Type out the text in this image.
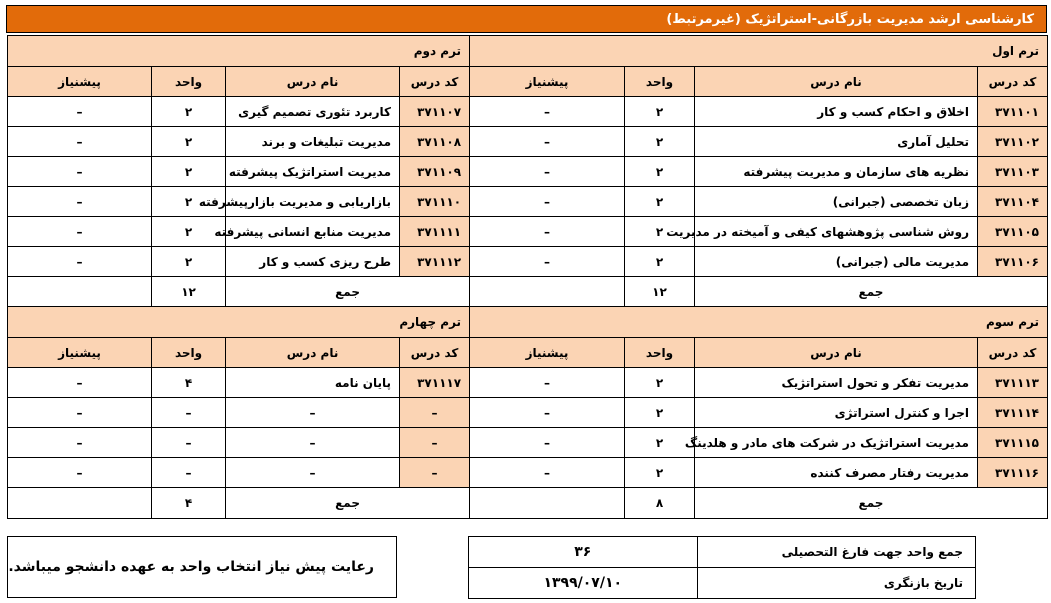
کارشناسی ارشد مدیریت بازرگانی-استراتژیک (غیرمرتبط)
ترم اول			
کد درس	نام درس	واحد	پیشنیاز
۳۷۱۱۰۱	اخلاق و احکام کسب و کار	۲	–
۳۷۱۱۰۲	تحلیل آماری	۲	–
۳۷۱۱۰۳	نظریه های سازمان و مدیریت پیشرفته	۲	–
۳۷۱۱۰۴	زبان تخصصی (جبرانی)	۲	–
۳۷۱۱۰۵	روش شناسی پژوهشهای کیفی و آمیخته در مدیریت	۲	–
۳۷۱۱۰۶	مدیریت مالی (جبرانی)	۲	–
جمع		۱۲	
ترم دوم			
کد درس	نام درس	واحد	پیشنیاز
۳۷۱۱۰۷	کاربرد تئوری تصمیم گیری	۲	–
۳۷۱۱۰۸	مدیریت تبلیغات و برند	۲	–
۳۷۱۱۰۹	مدیریت استراتژیک پیشرفته	۲	–
۳۷۱۱۱۰	بازاریابی و مدیریت بازارپیشرفته	۲	–
۳۷۱۱۱۱	مدیریت منابع انسانی پیشرفته	۲	–
۳۷۱۱۱۲	طرح ریزی کسب و کار	۲	–
جمع		۱۲	
ترم سوم			
کد درس	نام درس	واحد	پیشنیاز
۳۷۱۱۱۳	مدیریت تفکر و تحول استراتژیک	۲	–
۳۷۱۱۱۴	اجرا و کنترل استراتژی	۲	–
۳۷۱۱۱۵	مدیریت استراتژیک در شرکت های مادر و هلدینگ	۲	–
۳۷۱۱۱۶	مدیریت رفتار مصرف کننده	۲	–
جمع		۸	
ترم چهارم			
کد درس	نام درس	واحد	پیشنیاز
۳۷۱۱۱۷	پایان نامه	۴	–
–	–	–	–
–	–	–	–
–	–	–	–
جمع		۴	
رعایت پیش نیاز انتخاب واحد به عهده دانشجو میباشد.
جمع واحد جهت فارغ التحصیلی	۳۶
تاریخ بازنگری	۱۳۹۹/۰۷/۱۰
